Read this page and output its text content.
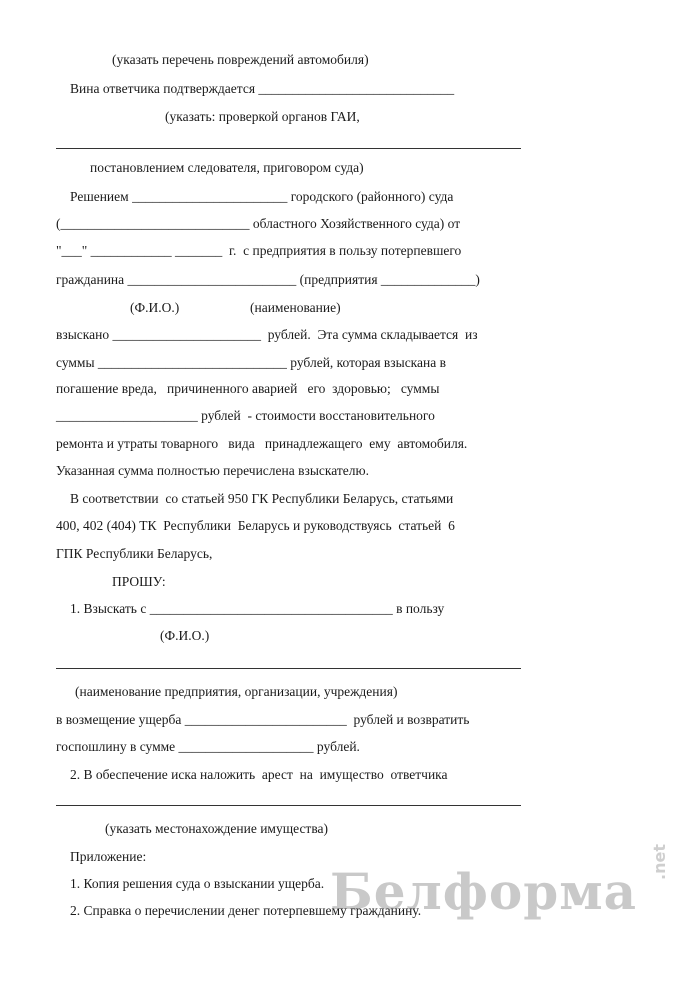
(указать перечень повреждений автомобиля)
Вина ответчика подтверждается _____________________________
(указать: проверкой органов ГАИ,
постановлением следователя, приговором суда)
Решением _______________________ городского (районного) суда
(____________________________ областного Хозяйственного суда) от
"___" ____________ _______  г.  с предприятия в пользу потерпевшего
гражданина _________________________ (предприятия ______________)
(Ф.И.О.)	(наименование)
взыскано ______________________  рублей.  Эта сумма складывается  из
суммы ____________________________ рублей, которая взыскана в
погашение вреда,   причиненного аварией   его  здоровью;   суммы
_____________________ рублей  - стоимости восстановительного
ремонта и утраты товарного   вида   принадлежащего  ему  автомобиля.
Указанная сумма полностью перечислена взыскателю.
В соответствии  со статьей 950 ГК Республики Беларусь, статьями
400, 402 (404) ТК  Республики  Беларусь и руководствуясь  статьей  6
ГПК Республики Беларусь,
ПРОШУ:
1. Взыскать с ____________________________________ в пользу
(Ф.И.О.)
(наименование предприятия, организации, учреждения)
в возмещение ущерба ________________________  рублей и возвратить
госпошлину в сумме ____________________ рублей.
2. В обеспечение иска наложить  арест  на  имущество  ответчика
(указать местонахождение имущества)
Приложение:
Белформа .net
1. Копия решения суда о взыскании ущерба.
2. Справка о перечислении денег потерпевшему гражданину.
